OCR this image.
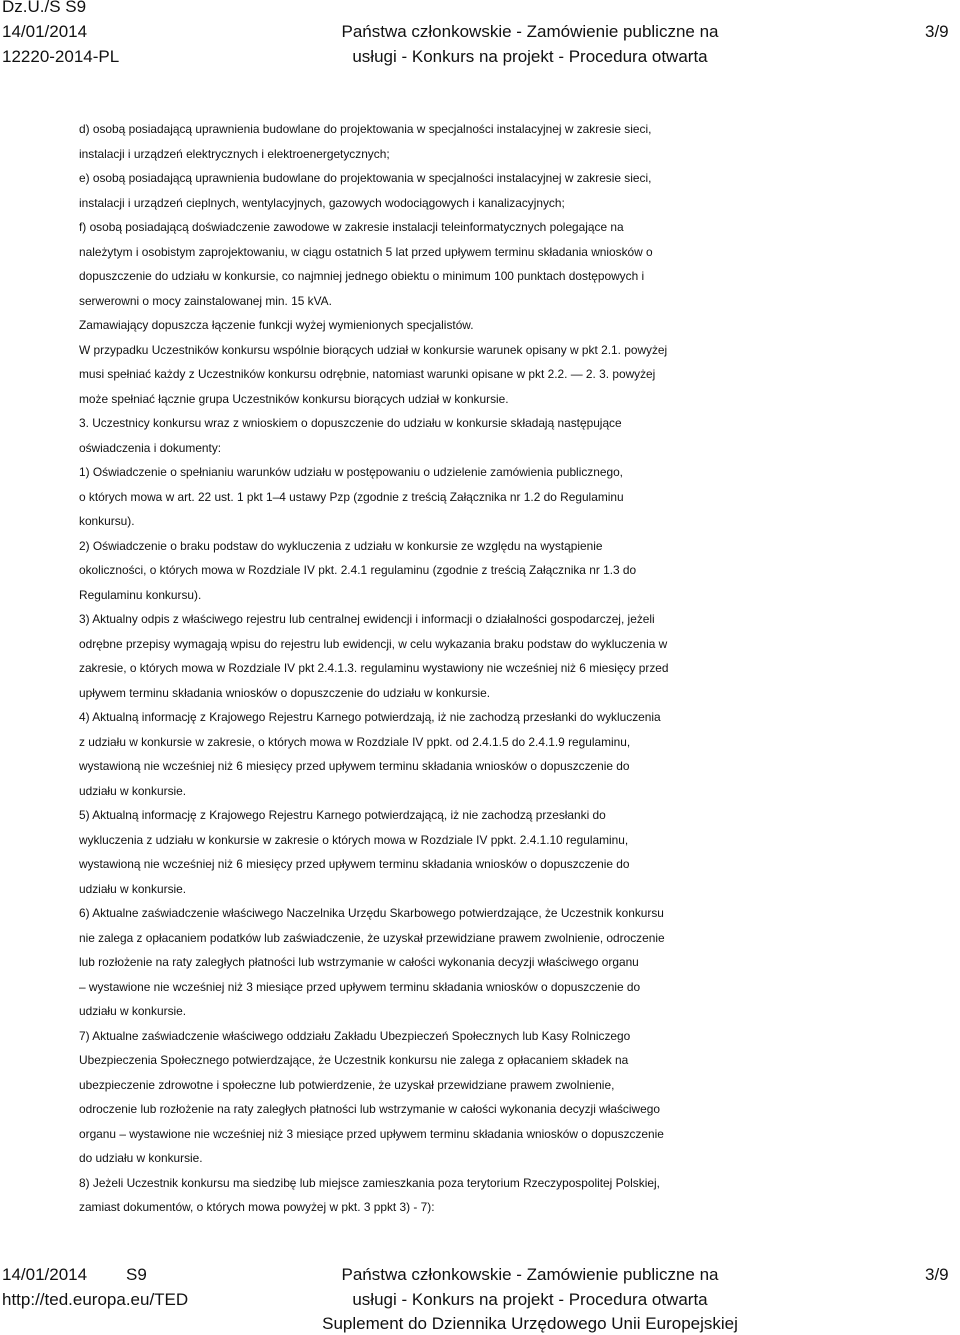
Dz.U./S S9
14/01/2014
12220-2014-PL
Państwa członkowskie - Zamówienie publiczne na
usługi - Konkurs na projekt - Procedura otwarta
3/9
d) osobą posiadającą uprawnienia budowlane do projektowania w specjalności instalacyjnej w zakresie sieci,
instalacji i urządzeń elektrycznych i elektroenergetycznych;
e) osobą posiadającą uprawnienia budowlane do projektowania w specjalności instalacyjnej w zakresie sieci,
instalacji i urządzeń cieplnych, wentylacyjnych, gazowych wodociągowych i kanalizacyjnych;
f) osobą posiadającą doświadczenie zawodowe w zakresie instalacji teleinformatycznych polegające na
należytym i osobistym zaprojektowaniu, w ciągu ostatnich 5 lat przed upływem terminu składania wniosków o
dopuszczenie do udziału w konkursie, co najmniej jednego obiektu o minimum 100 punktach dostępowych i
serwerowni o mocy zainstalowanej min. 15 kVA.
Zamawiający dopuszcza łączenie funkcji wyżej wymienionych specjalistów.
W przypadku Uczestników konkursu wspólnie biorących udział w konkursie warunek opisany w pkt 2.1. powyżej
musi spełniać każdy z Uczestników konkursu odrębnie, natomiast warunki opisane w pkt 2.2. — 2. 3. powyżej
może spełniać łącznie grupa Uczestników konkursu biorących udział w konkursie.
3. Uczestnicy konkursu wraz z wnioskiem o dopuszczenie do udziału w konkursie składają następujące
oświadczenia i dokumenty:
1) Oświadczenie o spełnianiu warunków udziału w postępowaniu o udzielenie zamówienia publicznego,
o których mowa w art. 22 ust. 1 pkt 1–4 ustawy Pzp (zgodnie z treścią Załącznika nr 1.2 do Regulaminu
konkursu).
2) Oświadczenie o braku podstaw do wykluczenia z udziału w konkursie ze względu na wystąpienie
okoliczności, o których mowa w Rozdziale IV pkt. 2.4.1 regulaminu (zgodnie z treścią Załącznika nr 1.3 do
Regulaminu konkursu).
3) Aktualny odpis z właściwego rejestru lub centralnej ewidencji i informacji o działalności gospodarczej, jeżeli
odrębne przepisy wymagają wpisu do rejestru lub ewidencji, w celu wykazania braku podstaw do wykluczenia w
zakresie, o których mowa w Rozdziale IV pkt 2.4.1.3. regulaminu wystawiony nie wcześniej niż 6 miesięcy przed
upływem terminu składania wniosków o dopuszczenie do udziału w konkursie.
4) Aktualną informację z Krajowego Rejestru Karnego potwierdzają, iż nie zachodzą przesłanki do wykluczenia
z udziału w konkursie w zakresie, o których mowa w Rozdziale IV ppkt. od 2.4.1.5 do 2.4.1.9 regulaminu,
wystawioną nie wcześniej niż 6 miesięcy przed upływem terminu składania wniosków o dopuszczenie do
udziału w konkursie.
5) Aktualną informację z Krajowego Rejestru Karnego potwierdzającą, iż nie zachodzą przesłanki do
wykluczenia z udziału w konkursie w zakresie o których mowa w Rozdziale IV ppkt. 2.4.1.10 regulaminu,
wystawioną nie wcześniej niż 6 miesięcy przed upływem terminu składania wniosków o dopuszczenie do
udziału w konkursie.
6) Aktualne zaświadczenie właściwego Naczelnika Urzędu Skarbowego potwierdzające, że Uczestnik konkursu
nie zalega z opłacaniem podatków lub zaświadczenie, że uzyskał przewidziane prawem zwolnienie, odroczenie
lub rozłożenie na raty zaległych płatności lub wstrzymanie w całości wykonania decyzji właściwego organu
– wystawione nie wcześniej niż 3 miesiące przed upływem terminu składania wniosków o dopuszczenie do
udziału w konkursie.
7) Aktualne zaświadczenie właściwego oddziału Zakładu Ubezpieczeń Społecznych lub Kasy Rolniczego
Ubezpieczenia Społecznego potwierdzające, że Uczestnik konkursu nie zalega z opłacaniem składek na
ubezpieczenie zdrowotne i społeczne lub potwierdzenie, że uzyskał przewidziane prawem zwolnienie,
odroczenie lub rozłożenie na raty zaległych płatności lub wstrzymanie w całości wykonania decyzji właściwego
organu – wystawione nie wcześniej niż 3 miesiące przed upływem terminu składania wniosków o dopuszczenie
do udziału w konkursie.
8) Jeżeli Uczestnik konkursu ma siedzibę lub miejsce zamieszkania poza terytorium Rzeczypospolitej Polskiej,
zamiast dokumentów, o których mowa powyżej w pkt. 3 ppkt 3) - 7):
14/01/2014 S9
http://ted.europa.eu/TED
Państwa członkowskie - Zamówienie publiczne na
usługi - Konkurs na projekt - Procedura otwarta
Suplement do Dziennika Urzędowego Unii Europejskiej
3/9
